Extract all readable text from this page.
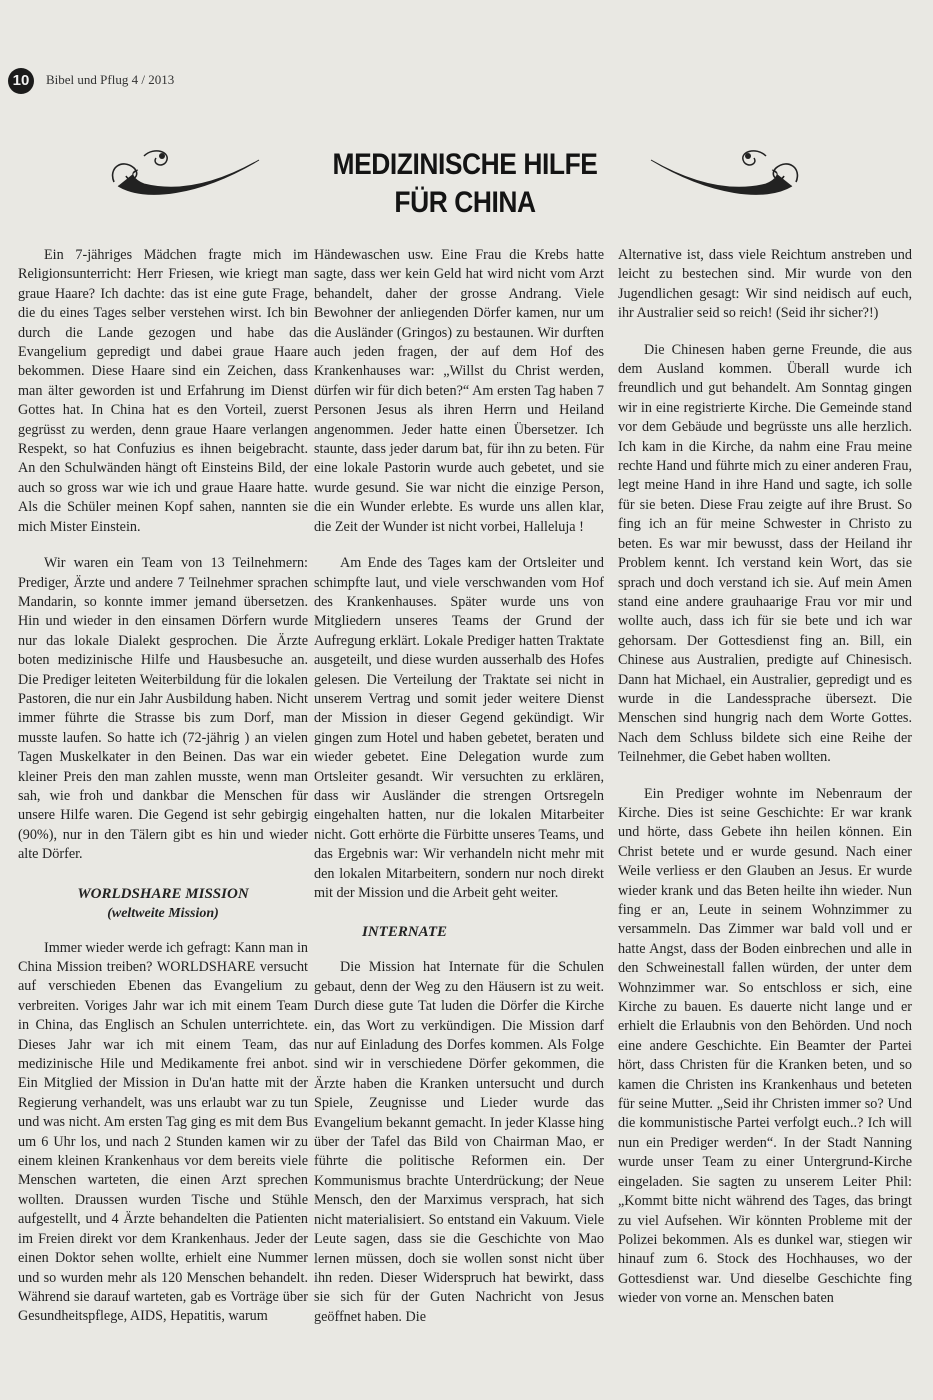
10	Bibel und Pflug 4 / 2013
MEDIZINISCHE HILFE
FÜR CHINA

Ein 7-jähriges Mädchen fragte mich im Religionsunterricht: Herr Friesen, wie kriegt man graue Haare? Ich dachte: das ist eine gute Frage, die du eines Tages selber verstehen wirst. Ich bin durch die Lande gezogen und habe das Evangelium gepredigt und dabei graue Haare bekommen. Diese Haare sind ein Zeichen, dass man älter geworden ist und Erfahrung im Dienst Gottes hat. In China hat es den Vorteil, zuerst gegrüsst zu werden, denn graue Haare verlangen Respekt, so hat Confuzius es ihnen beigebracht. An den Schulwänden hängt oft Einsteins Bild, der auch so gross war wie ich und graue Haare hatte. Als die Schüler meinen Kopf sahen, nannten sie mich Mister Einstein.

Wir waren ein Team von 13 Teilnehmern: Prediger, Ärzte und andere 7 Teilnehmer sprachen Mandarin, so konnte immer jemand übersetzen. Hin und wieder in den einsamen Dörfern wurde nur das lokale Dialekt gesprochen. Die Ärzte boten medizinische Hilfe und Hausbesuche an. Die Prediger leiteten Weiterbildung für die lokalen Pastoren, die nur ein Jahr Ausbildung haben. Nicht immer führte die Strasse bis zum Dorf, man musste laufen. So hatte ich (72-jährig ) an vielen Tagen Muskelkater in den Beinen. Das war ein kleiner Preis den man zahlen musste, wenn man sah, wie froh und dankbar die Menschen für unsere Hilfe waren. Die Gegend ist sehr gebirgig (90%), nur in den Tälern gibt es hin und wieder alte Dörfer.

WORLDSHARE MISSION
(weltweite Mission)

Immer wieder werde ich gefragt: Kann man in China Mission treiben? WORLDSHARE versucht auf verschieden Ebenen das Evangelium zu verbreiten. Voriges Jahr war ich mit einem Team in China, das Englisch an Schulen unterrichtete. Dieses Jahr war ich mit einem Team, das medizinische Hile und Medikamente frei anbot. Ein Mitglied der Mission in Du'an hatte mit der Regierung verhandelt, was uns erlaubt war zu tun und was nicht. Am ersten Tag ging es mit dem Bus um 6 Uhr los, und nach 2 Stunden kamen wir zu einem kleinen Krankenhaus vor dem bereits viele Menschen warteten, die einen Arzt sprechen wollten. Draussen wurden Tische und Stühle aufgestellt, und 4 Ärzte behandelten die Patienten im Freien direkt vor dem Krankenhaus. Jeder der einen Doktor sehen wollte, erhielt eine Nummer und so wurden mehr als 120 Menschen behandelt. Während sie darauf warteten, gab es Vorträge über Gesundheitspflege, AIDS, Hepatitis, warum

Händewaschen usw. Eine Frau die Krebs hatte sagte, dass wer kein Geld hat wird nicht vom Arzt behandelt, daher der grosse Andrang. Viele Bewohner der anliegenden Dörfer kamen, nur um die Ausländer (Gringos) zu bestaunen. Wir durften auch jeden fragen, der auf dem Hof des Krankenhauses war: „Willst du Christ werden, dürfen wir für dich beten?“ Am ersten Tag haben 7 Personen Jesus als ihren Herrn und Heiland angenommen. Jeder hatte einen Übersetzer. Ich staunte, dass jeder darum bat, für ihn zu beten. Für eine lokale Pastorin wurde auch gebetet, und sie wurde gesund. Sie war nicht die einzige Person, die ein Wunder erlebte. Es wurde uns allen klar, die Zeit der Wunder ist nicht vorbei, Halleluja !

Am Ende des Tages kam der Ortsleiter und schimpfte laut, und viele verschwanden vom Hof des Krankenhauses. Später wurde uns von Mitgliedern unseres Teams der Grund der Aufregung erklärt. Lokale Prediger hatten Traktate ausgeteilt, und diese wurden ausserhalb des Hofes gelesen. Die Verteilung der Traktate sei nicht in unserem Vertrag und somit jeder weitere Dienst der Mission in dieser Gegend gekündigt. Wir gingen zum Hotel und haben gebetet, beraten und wieder gebetet. Eine Delegation wurde zum Ortsleiter gesandt. Wir versuchten zu erklären, dass wir Ausländer die strengen Ortsregeln eingehalten hatten, nur die lokalen Mitarbeiter nicht. Gott erhörte die Fürbitte unseres Teams, und das Ergebnis war: Wir verhandeln nicht mehr mit den lokalen Mitarbeitern, sondern nur noch direkt mit der Mission und die Arbeit geht weiter.

INTERNATE

Die Mission hat Internate für die Schulen gebaut, denn der Weg zu den Häusern ist zu weit. Durch diese gute Tat luden die Dörfer die Kirche ein, das Wort zu verkündigen. Die Mission darf nur auf Einladung des Dorfes kommen. Als Folge sind wir in verschiedene Dörfer gekommen, die Ärzte haben die Kranken untersucht und durch Spiele, Zeugnisse und Lieder wurde das Evangelium bekannt gemacht. In jeder Klasse hing über der Tafel das Bild von Chairman Mao, er führte die politische Reformen ein. Der Kommunismus brachte Unterdrückung; der Neue Mensch, den der Marximus versprach, hat sich nicht materialisiert. So entstand ein Vakuum. Viele Leute sagen, dass sie die Geschichte von Mao lernen müssen, doch sie wollen sonst nicht über ihn reden. Dieser Widerspruch hat bewirkt, dass sie sich für der Guten Nachricht von Jesus geöffnet haben. Die

Alternative ist, dass viele Reichtum anstreben und leicht zu bestechen sind. Mir wurde von den Jugendlichen gesagt: Wir sind neidisch auf euch, ihr Australier seid so reich! (Seid ihr sicher?!)

Die Chinesen haben gerne Freunde, die aus dem Ausland kommen. Überall wurde ich freundlich und gut behandelt. Am Sonntag gingen wir in eine registrierte Kirche. Die Gemeinde stand vor dem Gebäude und begrüsste uns alle herzlich. Ich kam in die Kirche, da nahm eine Frau meine rechte Hand und führte mich zu einer anderen Frau, legt meine Hand in ihre Hand und sagte, ich solle für sie beten. Diese Frau zeigte auf ihre Brust. So fing ich an für meine Schwester in Christo zu beten. Es war mir bewusst, dass der Heiland ihr Problem kennt. Ich verstand kein Wort, das sie sprach und doch verstand ich sie. Auf mein Amen stand eine andere grauhaarige Frau vor mir und wollte auch, dass ich für sie bete und ich war gehorsam. Der Gottesdienst fing an. Bill, ein Chinese aus Australien, predigte auf Chinesisch. Dann hat Michael, ein Australier, gepredigt und es wurde in die Landessprache übersezt. Die Menschen sind hungrig nach dem Worte Gottes. Nach dem Schluss bildete sich eine Reihe der Teilnehmer, die Gebet haben wollten.

Ein Prediger wohnte im Nebenraum der Kirche. Dies ist seine Geschichte: Er war krank und hörte, dass Gebete ihn heilen können. Ein Christ betete und er wurde gesund. Nach einer Weile verliess er den Glauben an Jesus. Er wurde wieder krank und das Beten heilte ihn wieder. Nun fing er an, Leute in seinem Wohnzimmer zu versammeln. Das Zimmer war bald voll und er hatte Angst, dass der Boden einbrechen und alle in den Schweinestall fallen würden, der unter dem Wohnzimmer war. So entschloss er sich, eine Kirche zu bauen. Es dauerte nicht lange und er erhielt die Erlaubnis von den Behörden. Und noch eine andere Geschichte. Ein Beamter der Partei hört, dass Christen für die Kranken beten, und so kamen die Christen ins Krankenhaus und beteten für seine Mutter. „Seid ihr Christen immer so? Und die kommunistische Partei verfolgt euch..? Ich will nun ein Prediger werden“. In der Stadt Nanning wurde unser Team zu einer Untergrund-Kirche eingeladen. Sie sagten zu unserem Leiter Phil: „Kommt bitte nicht während des Tages, das bringt zu viel Aufsehen. Wir könnten Probleme mit der Polizei bekommen. Als es dunkel war, stiegen wir hinauf zum 6. Stock des Hochhauses, wo der Gottesdienst war. Und dieselbe Geschichte fing wieder von vorne an. Menschen baten
